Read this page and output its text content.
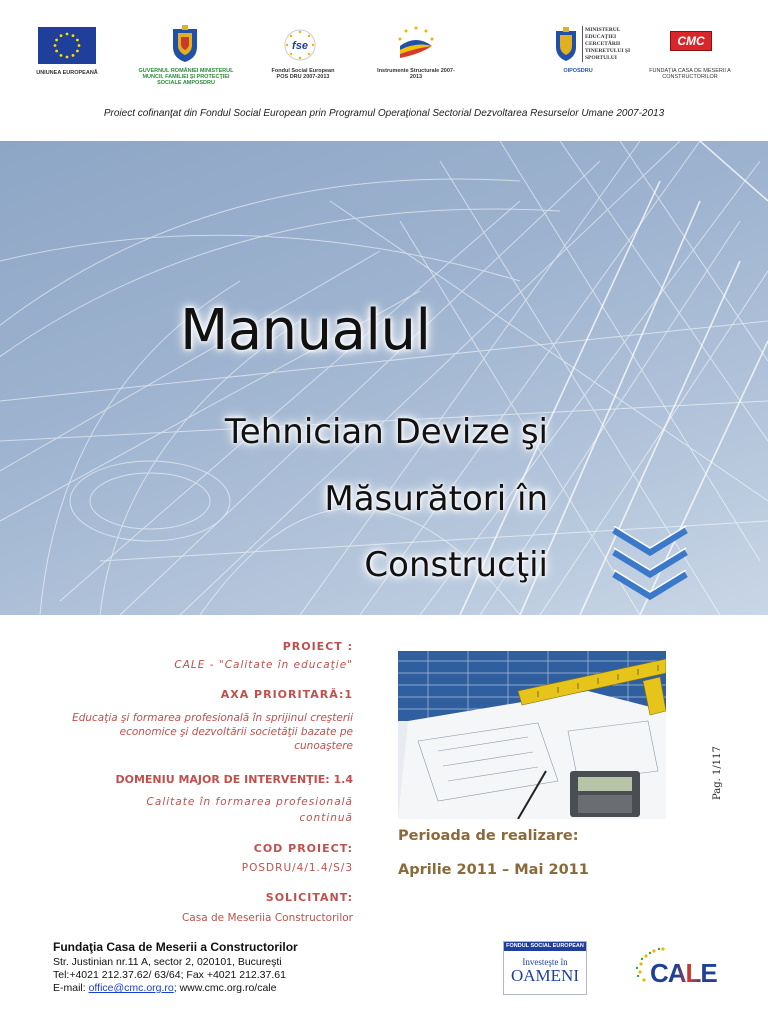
UNIUNEA EUROPEANĂ	GUVERNUL ROMÂNIEI MINISTERUL MUNCII, FAMILIEI ŞI PROTECŢIEI SOCIALE AMPOSDRU
fse
Fondul Social European POS DRU 2007-2013
Instrumente Structurale 2007-2013
MINISTERUL EDUCAŢIEI CERCETĂRII TINERETULUI ŞI SPORTULUI
OIPOSDRU
CMC
FUNDAŢIA CASA DE MESERII A CONSTRUCTORILOR
Proiect cofinanţat din Fondul Social European prin Programul Operaţional Sectorial Dezvoltarea Resurselor Umane 2007-2013
Manualul
Tehnician Devize şi
Măsurători în
Construcţii
PROIECT :
CALE - "Calitate în educaţie"
AXA PRIORITARĂ:1
Educaţia şi formarea profesională în sprijinul creşterii economice şi dezvoltării societăţii bazate pe cunoaştere
DOMENIU MAJOR DE INTERVENŢIE: 1.4
Calitate în formarea profesională continuă
COD PROIECT:
POSDRU/4/1.4/S/3
SOLICITANT:
Casa de Meseriia Constructorilor
Perioada de realizare:
Aprilie 2011 – Mai 2011
Pag. 1/117
Fundaţia Casa de Meserii a Constructorilor
Str. Justinian nr.11 A, sector 2, 020101, Bucureşti
Tel:+4021 212.37.62/ 63/64; Fax +4021 212.37.61
E-mail: office@cmc.org.ro; www.cmc.org.ro/cale
FONDUL SOCIAL EUROPEAN
Investeşte în
OAMENI	CALE
